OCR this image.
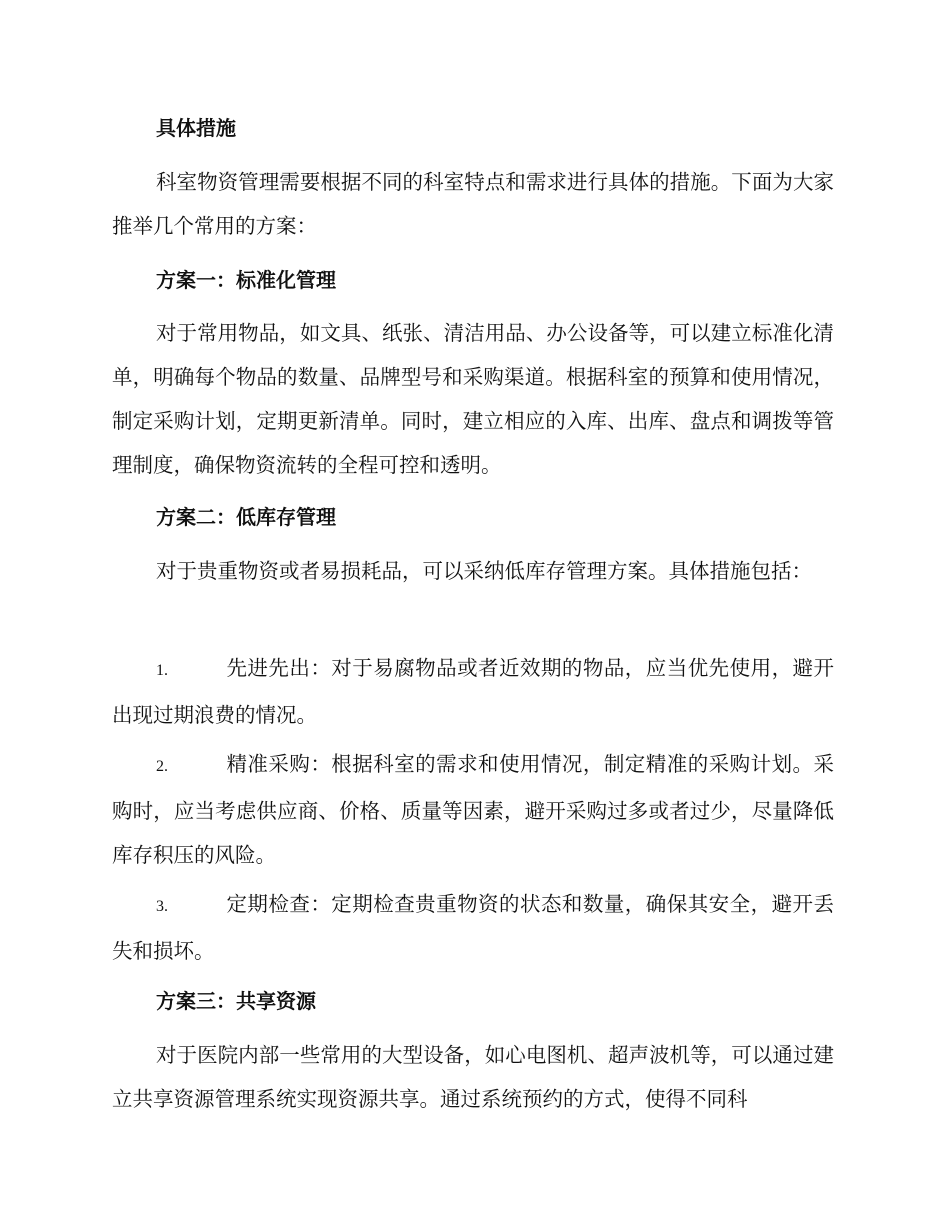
具体措施

科室物资管理需要根据不同的科室特点和需求进行具体的措施。下面为大家推举几个常用的方案：

方案一：标准化管理

对于常用物品，如文具、纸张、清洁用品、办公设备等，可以建立标准化清单，明确每个物品的数量、品牌型号和采购渠道。根据科室的预算和使用情况，制定采购计划，定期更新清单。同时，建立相应的入库、出库、盘点和调拨等管理制度，确保物资流转的全程可控和透明。

方案二：低库存管理

对于贵重物资或者易损耗品，可以采纳低库存管理方案。具体措施包括：

1.	先进先出：对于易腐物品或者近效期的物品，应当优先使用，避开出现过期浪费的情况。

2.	精准采购：根据科室的需求和使用情况，制定精准的采购计划。采购时，应当考虑供应商、价格、质量等因素，避开采购过多或者过少，尽量降低库存积压的风险。

3.	定期检查：定期检查贵重物资的状态和数量，确保其安全，避开丢失和损坏。

方案三：共享资源

对于医院内部一些常用的大型设备，如心电图机、超声波机等，可以通过建立共享资源管理系统实现资源共享。通过系统预约的方式，使得不同科
